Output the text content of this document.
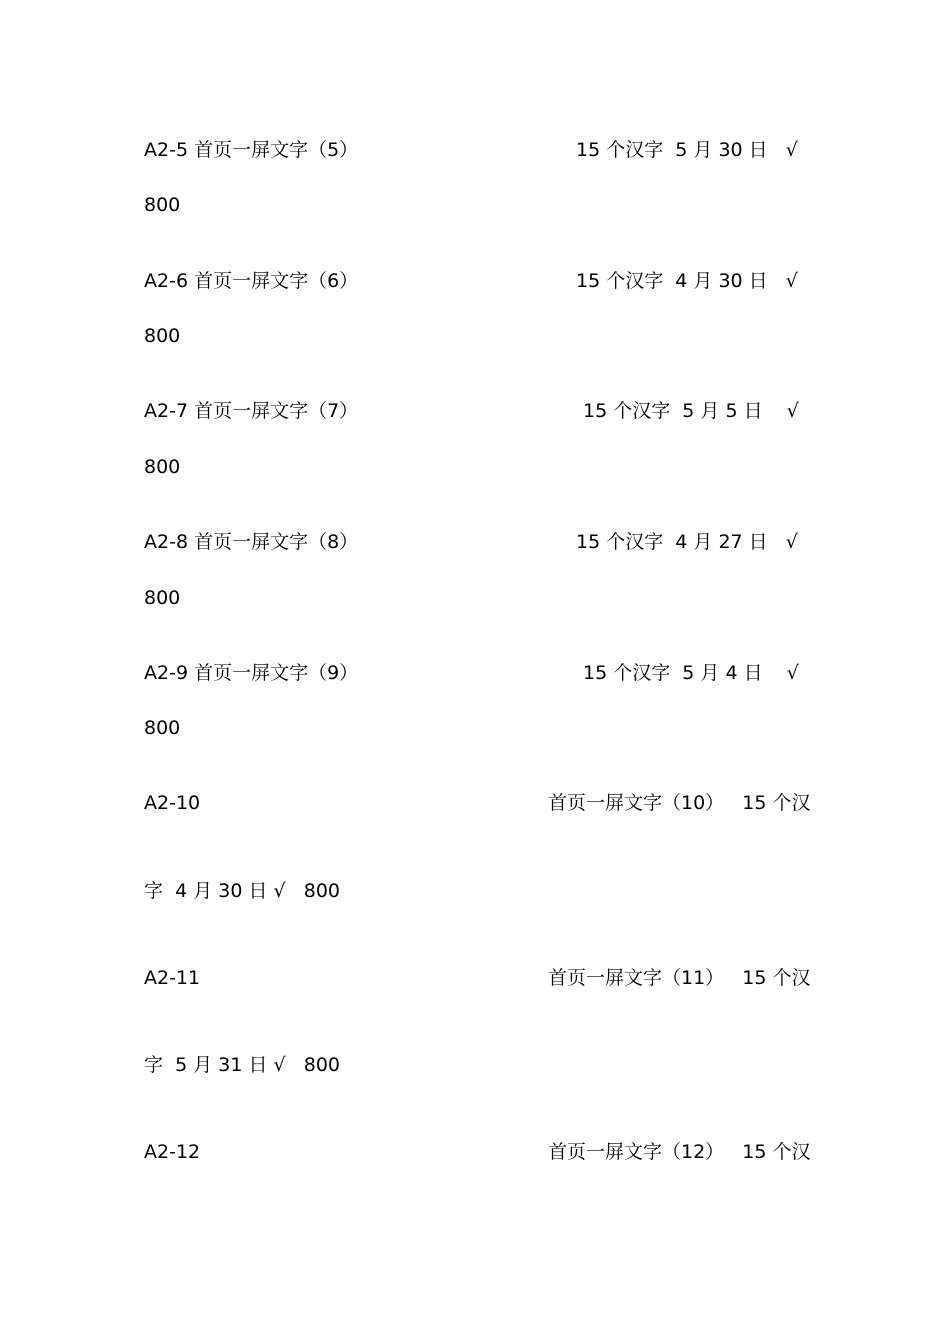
A2-5 首页一屏文字（5）	15 个汉字  5 月 30 日   √
800
A2-6 首页一屏文字（6）	15 个汉字  4 月 30 日   √
800
A2-7 首页一屏文字（7）	15 个汉字  5 月 5 日    √
800
A2-8 首页一屏文字（8）	15 个汉字  4 月 27 日   √
800
A2-9 首页一屏文字（9）	15 个汉字  5 月 4 日    √
800
A2-10	首页一屏文字（10）   15 个汉
字  4 月 30 日 √   800
A2-11	首页一屏文字（11）   15 个汉
字  5 月 31 日 √   800
A2-12	首页一屏文字（12）   15 个汉
